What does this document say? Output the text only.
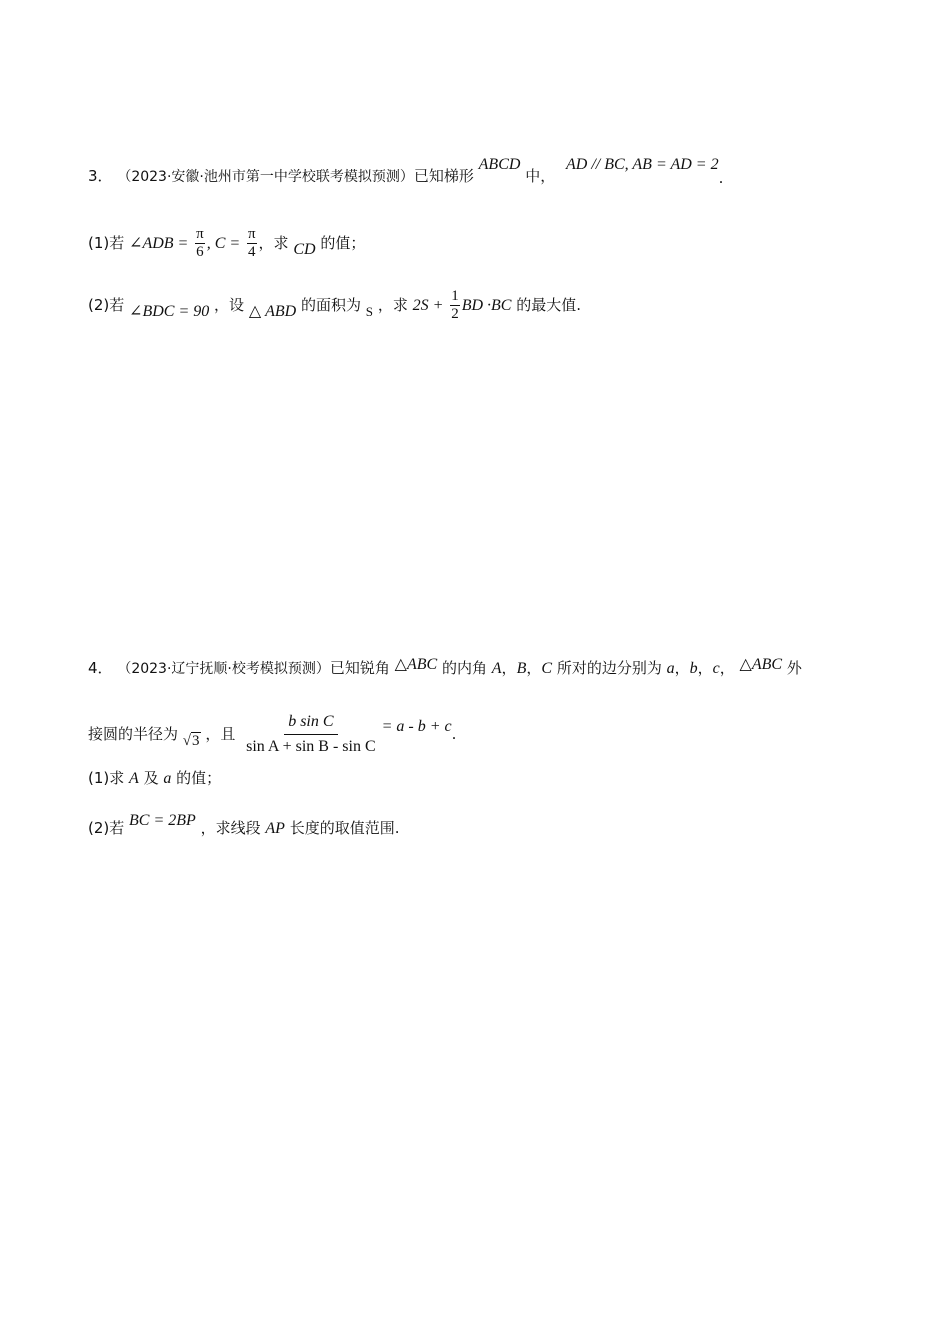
3． （2023·安徽·池州市第一中学校联考模拟预测）已知梯形 ABCD 中， AD // BC, AB = AD = 2.
(1)若 ∠ADB = $\frac{\pi}{6}$ , $C = \frac{\pi}{4}$ ，求 CD 的值；
(2)若 ∠BDC = 90 ，设 △ ABD 的面积为 S ，求 $2S + \frac{1}{2}$ BD ·BC 的最大值.
4． （2023·辽宁抚顺·校考模拟预测）已知锐角 △ABC 的内角 A，B，C 所对的边分别为 a，b，c， △ABC 外
接圆的半径为 √3 ，且 $\frac{\text{b sin C}}{\text{sin A + sin B - sin C}} = a - b + c$.
(1)求 A 及 a 的值；
(2)若 BC = 2BP ，求线段 AP 长度的取值范围.
